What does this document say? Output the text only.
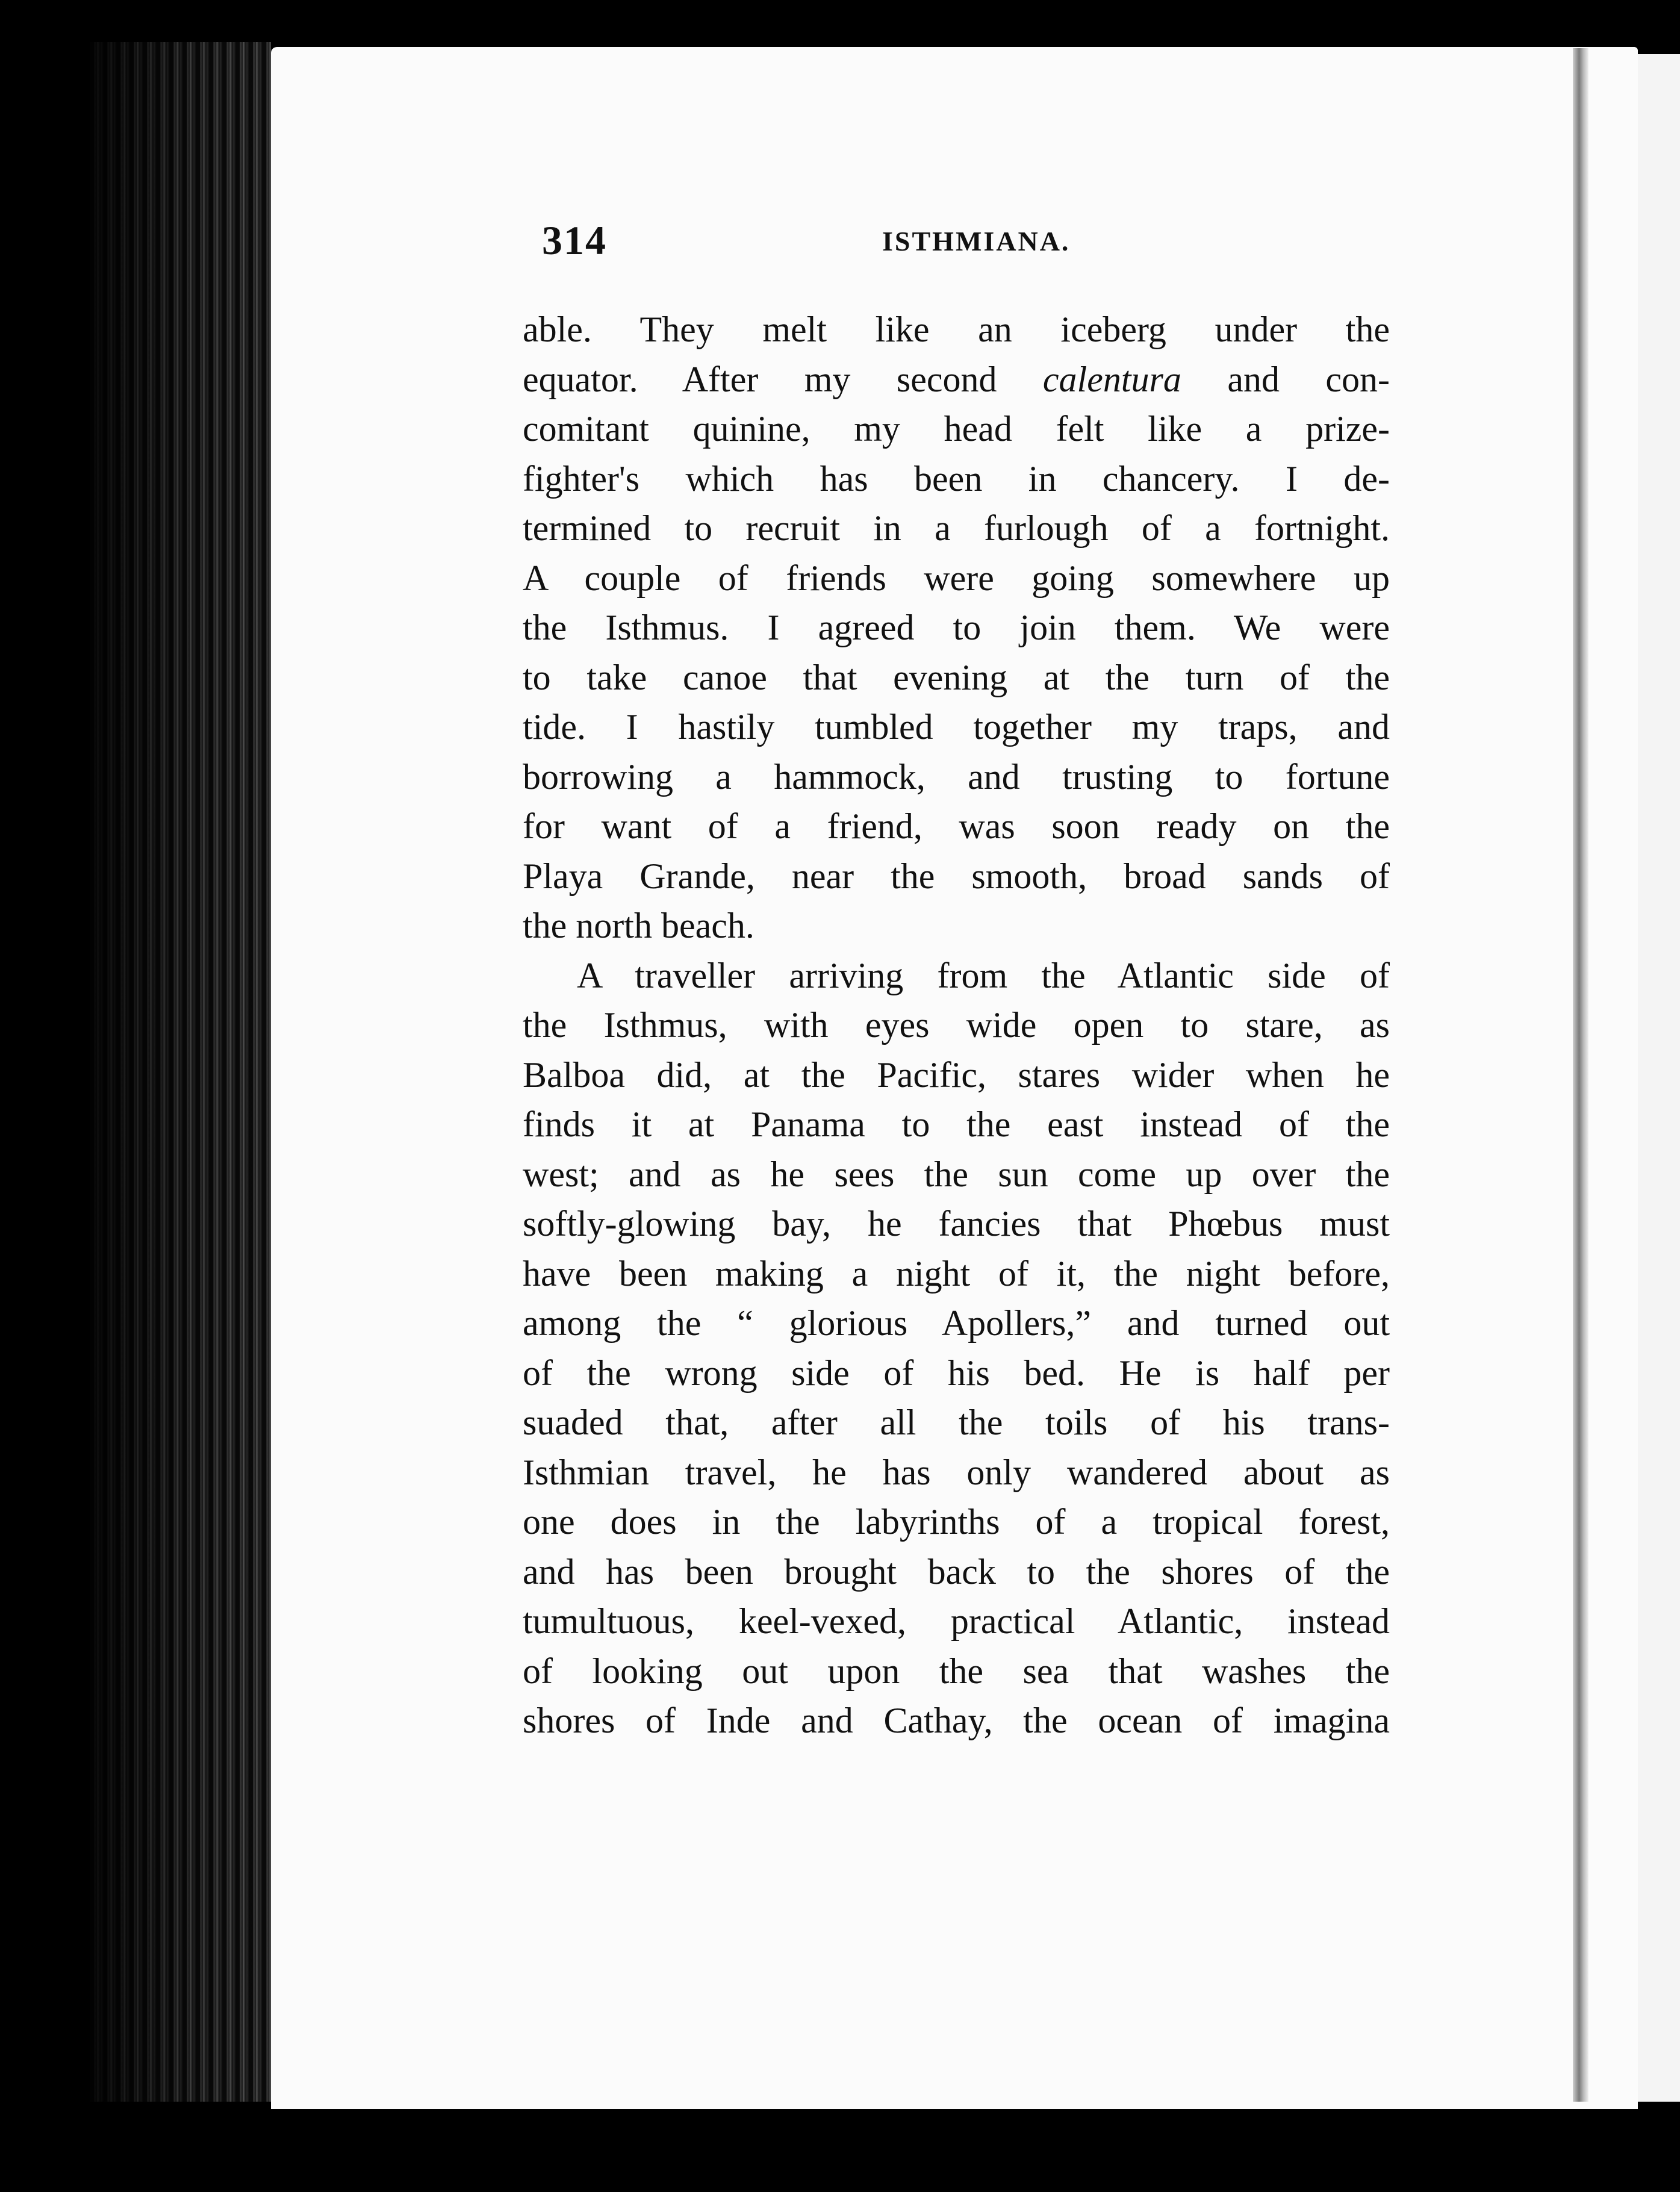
314	ISTHMIANA.
able. They melt like an iceberg under the
equator. After my second calentura and con-
comitant quinine, my head felt like a prize-
fighter's which has been in chancery. I de-
termined to recruit in a furlough of a fortnight.
A couple of friends were going somewhere up
the Isthmus. I agreed to join them. We were
to take canoe that evening at the turn of the
tide. I hastily tumbled together my traps, and
borrowing a hammock, and trusting to fortune
for want of a friend, was soon ready on the
Playa Grande, near the smooth, broad sands of
the north beach.
A traveller arriving from the Atlantic side of
the Isthmus, with eyes wide open to stare, as
Balboa did, at the Pacific, stares wider when he
finds it at Panama to the east instead of the
west; and as he sees the sun come up over the
softly-glowing bay, he fancies that Phœbus must
have been making a night of it, the night before,
among the “ glorious Apollers,” and turned out
of the wrong side of his bed. He is half per
suaded that, after all the toils of his trans-
Isthmian travel, he has only wandered about as
one does in the labyrinths of a tropical forest,
and has been brought back to the shores of the
tumultuous, keel-vexed, practical Atlantic, instead
of looking out upon the sea that washes the
shores of Inde and Cathay, the ocean of imagina
